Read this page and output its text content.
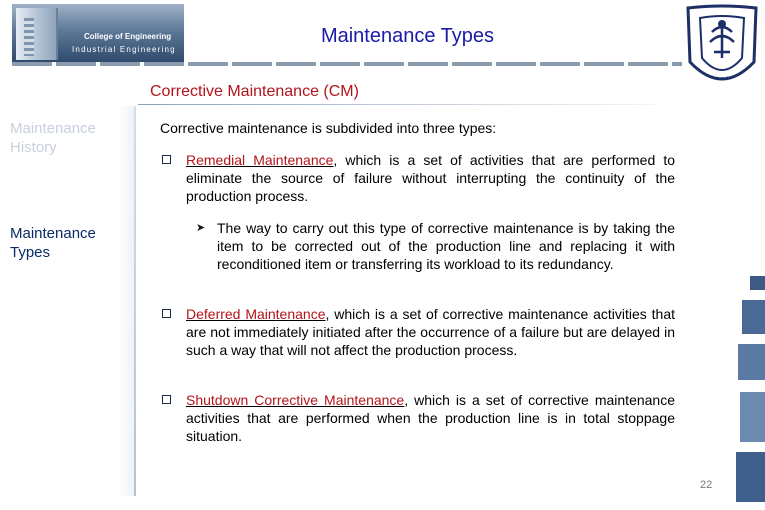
College of Engineering
Industrial Engineering
Maintenance Types
Corrective Maintenance (CM)
Maintenance History
Maintenance Types
Corrective maintenance is subdivided into three types:
Remedial Maintenance, which is a set of activities that are performed to eliminate the source of failure without interrupting the continuity of the production process.
➤ The way to carry out this type of corrective maintenance is by taking the item to be corrected out of the production line and replacing it with reconditioned item or transferring its workload to its redundancy.
Deferred Maintenance, which is a set of corrective maintenance activities that are not immediately initiated after the occurrence of a failure but are delayed in such a way that will not affect the production process.
Shutdown Corrective Maintenance, which is a set of corrective maintenance activities that are performed when the production line is in total stoppage situation.
22
